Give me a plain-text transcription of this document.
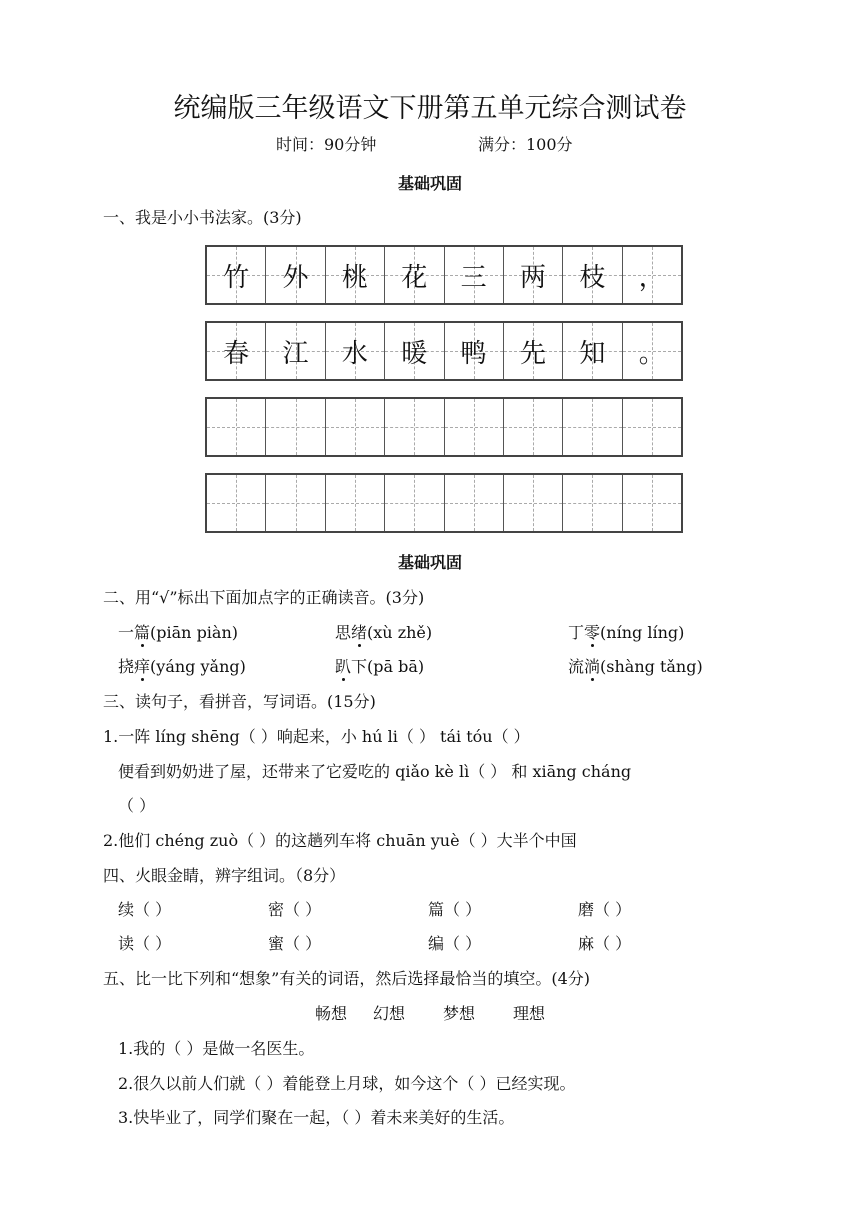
统编版三年级语文下册第五单元综合测试卷
时间：90分钟	满分：100分
基础巩固
一、我是小小书法家。(3分)
竹	外	桃	花	三	两	枝	，
春	江	水	暖	鸭	先	知	。
基础巩固
二、用“√”标出下面加点字的正确读音。(3分)
一篇(piān piàn)	思绪(xù zhě)	丁零(níng líng)
挠痒(yáng yǎng)	趴下(pā bā)	流淌(shàng tǎng)
三、读句子，看拼音，写词语。(15分)
1.一阵 líng shēng（ ）响起来，小 hú li（ ） tái tóu（ ）
便看到奶奶进了屋，还带来了它爱吃的 qiǎo kè lì（ ） 和 xiāng cháng
（ ）
2.他们 chéng zuò（ ）的这趟列车将 chuān yuè（ ）大半个中国
四、火眼金睛，辨字组词。（8分）
续（ ）	密（ ）	篇（ ）	磨（ ）
读（ ）	蜜（ ）	编（ ）	麻（ ）
五、比一比下列和“想象”有关的词语，然后选择最恰当的填空。(4分)
畅想 幻想 梦想 理想
1.我的（ ）是做一名医生。
2.很久以前人们就（ ）着能登上月球，如今这个（ ）已经实现。
3.快毕业了，同学们聚在一起，（ ）着未来美好的生活。
